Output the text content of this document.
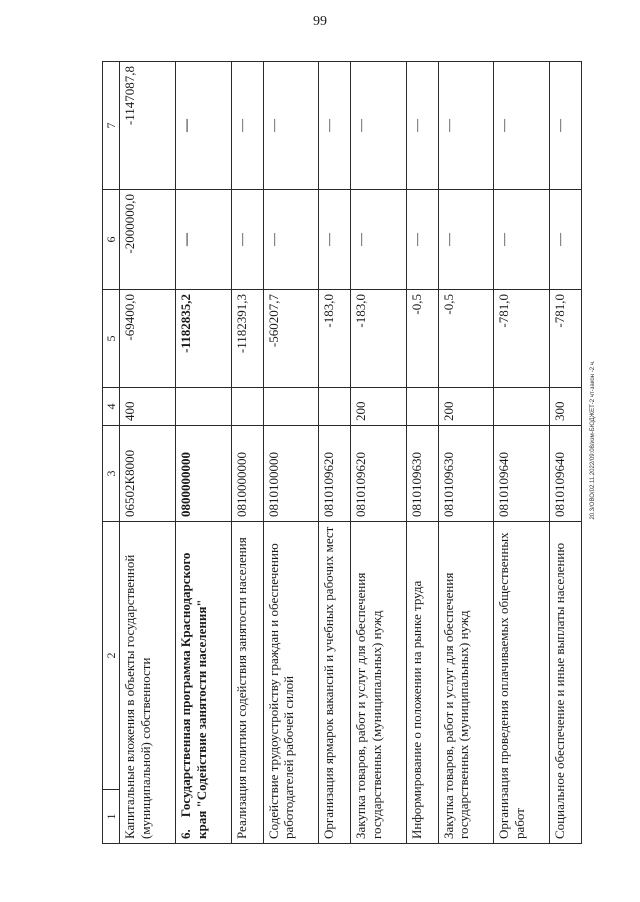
99
1	2	3	4	5	6	7
Капитальные вложения в объекты государственной (муниципальной) собственности		06502К8000	400	-69400,0	-2000000,0	-1147087,8
6.Государственная программа Краснодарского края "Содействие занятости населения"		0800000000		-1182835,2	—	—
Реализация политики содействия занятости населения		0810000000		-1182391,3	—	—
Содействие трудоустройству граждан и обеспечению работодателей рабочей силой		0810100000		-560207,7	—	—
Организация ярмарок вакансий и учебных рабочих мест		0810109620		-183,0	—	—
Закупка товаров, работ и услуг для обеспечения государственных (муниципальных) нужд		0810109620	200	-183,0	—	—
Информирование о положении на рынке труда		0810109630		-0,5	—	—
Закупка товаров, работ и услуг для обеспечения государственных (муниципальных) нужд		0810109630	200	-0,5	—	—
Организация проведения оплачиваемых общественных работ		0810109640		-781,0	—	—
Социальное обеспечение и иные выплаты населению		0810109640	300	-781,0	—	—
20.3/ОВО/02.11.2022/09:08/изм-БЮДЖЕТ-2 чт-закон -2 ч.
